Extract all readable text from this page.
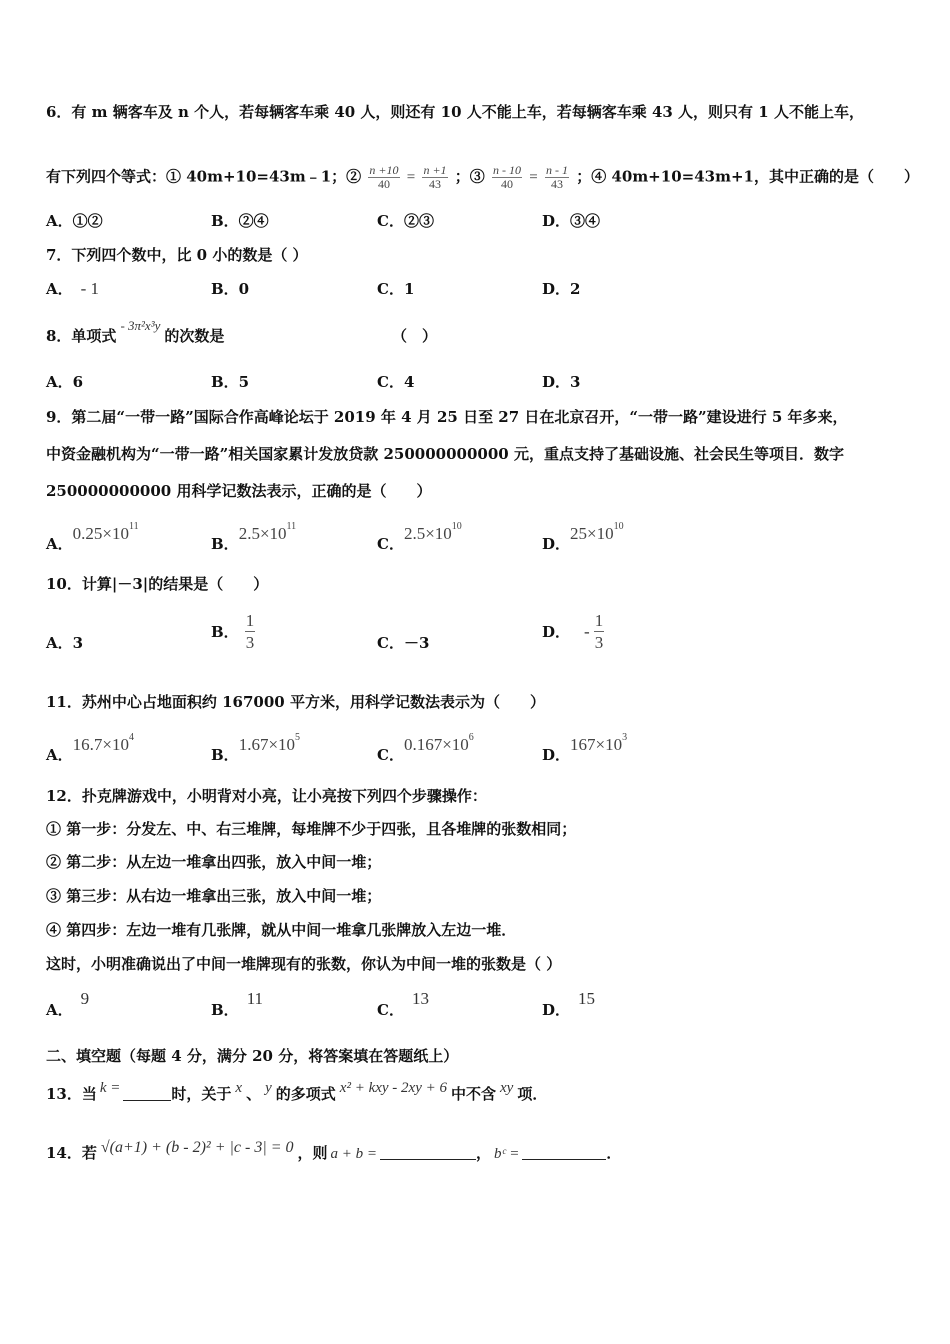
6．有 m 辆客车及 n 个人，若每辆客车乘 40 人，则还有 10 人不能上车，若每辆客车乘 43 人，则只有 1 人不能上车，
有下列四个等式：① 40m+10=43m﹣1；② $\frac{n +10}{40} = \frac{n +1}{43}$ ；③ $\frac{n - 10}{40} = \frac{n - 1}{43}$ ；④ 40m+10=43m+1，其中正确的是（　　）
A．①②	B．②④	C．②③	D．③④
7．下列四个数中，比 0 小的数是（ ）
A． - 1	B．0	C．1	D．2
8．单项式- 3π²x³y的次数是	（　）
A．6	B．5	C．4	D．3
9．第二届“一带一路”国际合作高峰论坛于 2019 年 4 月 25 日至 27 日在北京召开，“一带一路”建设进行 5 年多来，
中资金融机构为“一带一路”相关国家累计发放贷款 250000000000 元，重点支持了基础设施、社会民生等项目．数字
250000000000 用科学记数法表示，正确的是（　　）
A．$0.25\times 10^{11}$
B．$2.5\times 10^{11}$
C．$2.5\times 10^{10}$
D．$25\times 10^{10}$
10．计算|－3|的结果是（　　）
A．3
B． $\frac{1}{3}$	C．－3
D． - $\frac{1}{3}$
11．苏州中心占地面积约 167000 平方米，用科学记数法表示为（　　）
A．$16.7\times 10^4$
B．$1.67\times 10^5$
C．$0.167\times 10^6$
D．$167\times 10^3$
12．扑克牌游戏中，小明背对小亮，让小亮按下列四个步骤操作：
① 第一步：分发左、中、右三堆牌，每堆牌不少于四张，且各堆牌的张数相同；
② 第二步：从左边一堆拿出四张，放入中间一堆；
③ 第三步：从右边一堆拿出三张，放入中间一堆；
④ 第四步：左边一堆有几张牌，就从中间一堆拿几张牌放入左边一堆．
这时，小明准确说出了中间一堆牌现有的张数，你认为中间一堆的张数是（ ）
A．9
B．11
C．13
D．15
二、填空题（每题 4 分，满分 20 分，将答案填在答题纸上）
13．当 k =	时，关于 x 、 y 的多项式 x² + kxy - 2xy + 6 中不含 xy 项．
14．若 √(a+1) + (b - 2)² + |c - 3| = 0 ，则 a + b =	， bᶜ =	．
